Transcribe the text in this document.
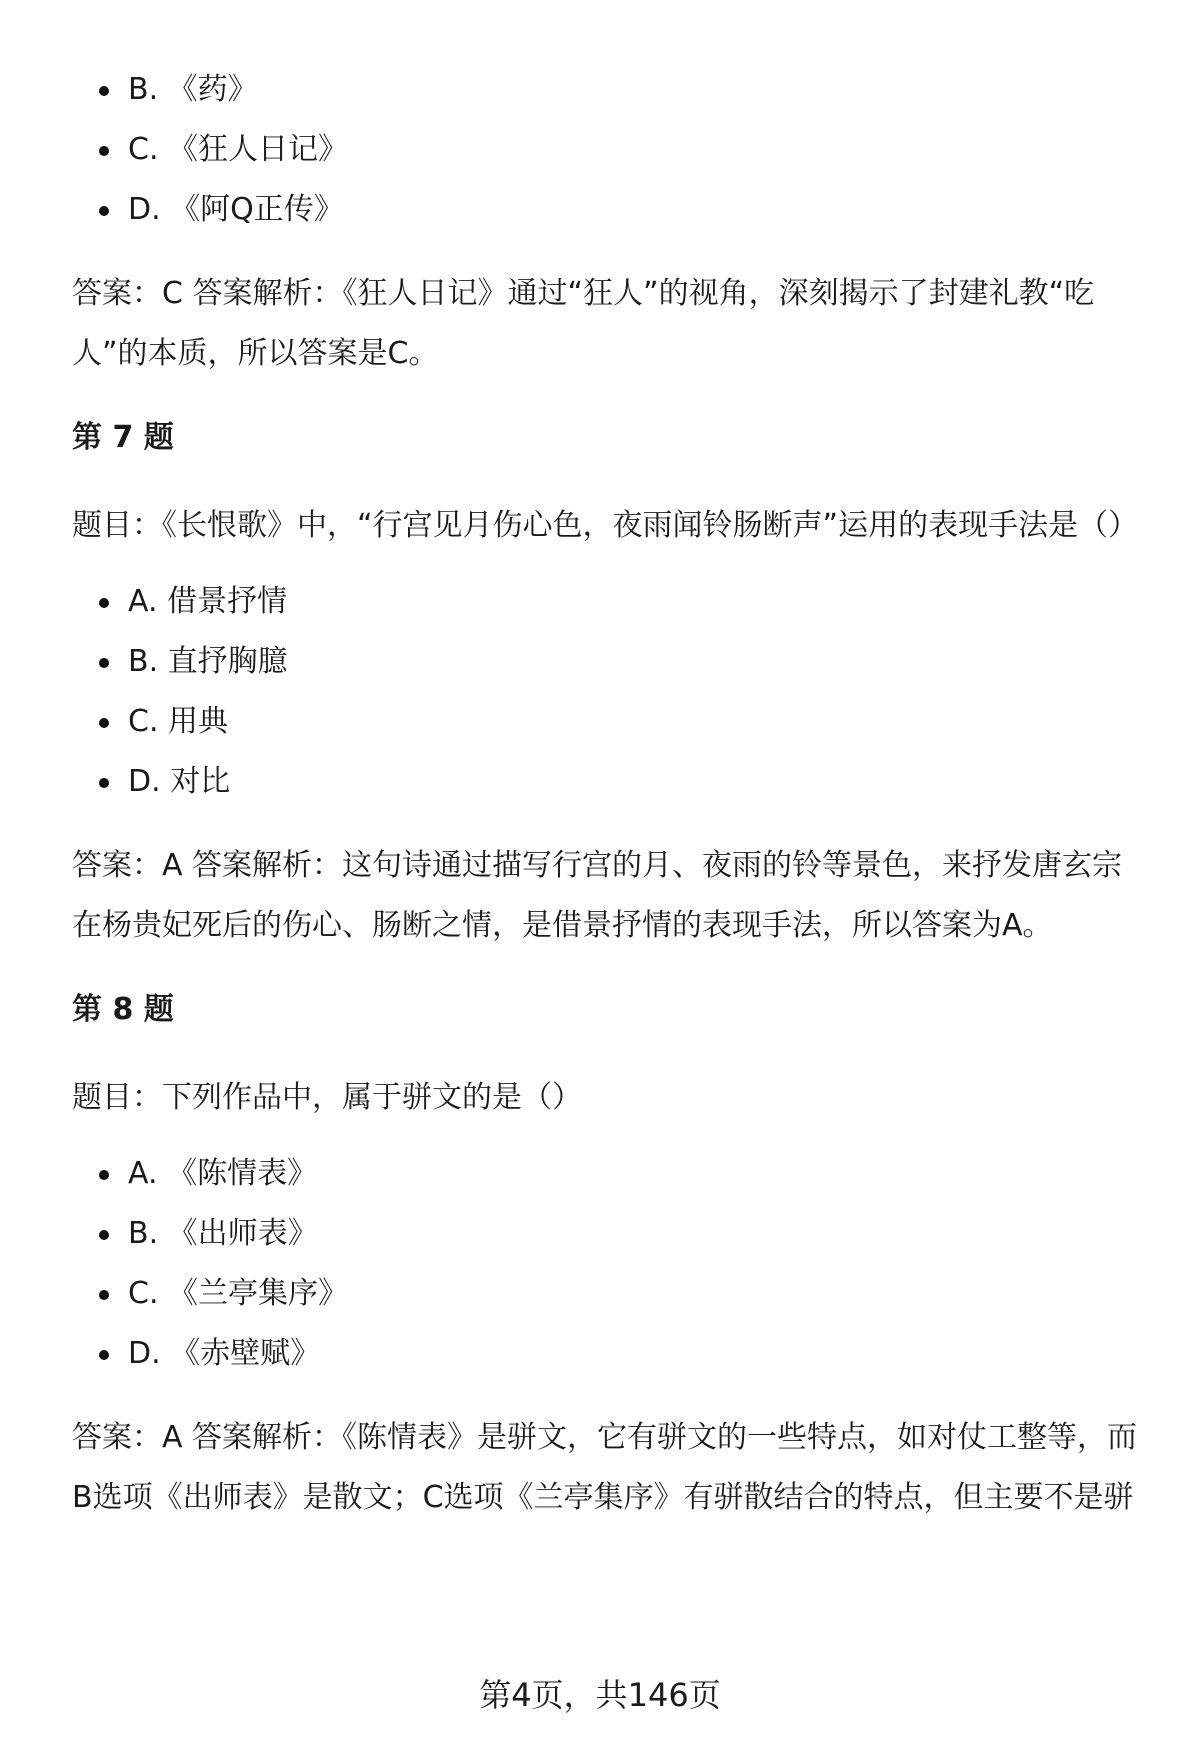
B. 《药》
C. 《狂人日记》
D. 《阿Q正传》

答案：C 答案解析：《狂人日记》通过“狂人”的视角，深刻揭示了封建礼教“吃人”的本质，所以答案是C。

第 7 题

题目：《长恨歌》中，“行宫见月伤心色，夜雨闻铃肠断声”运用的表现手法是（）

A. 借景抒情
B. 直抒胸臆
C. 用典
D. 对比

答案：A 答案解析：这句诗通过描写行宫的月、夜雨的铃等景色，来抒发唐玄宗在杨贵妃死后的伤心、肠断之情，是借景抒情的表现手法，所以答案为A。

第 8 题

题目：下列作品中，属于骈文的是（）

A. 《陈情表》
B. 《出师表》
C. 《兰亭集序》
D. 《赤壁赋》

答案：A 答案解析：《陈情表》是骈文，它有骈文的一些特点，如对仗工整等，而B选项《出师表》是散文；C选项《兰亭集序》有骈散结合的特点，但主要不是骈

第4页，共146页
